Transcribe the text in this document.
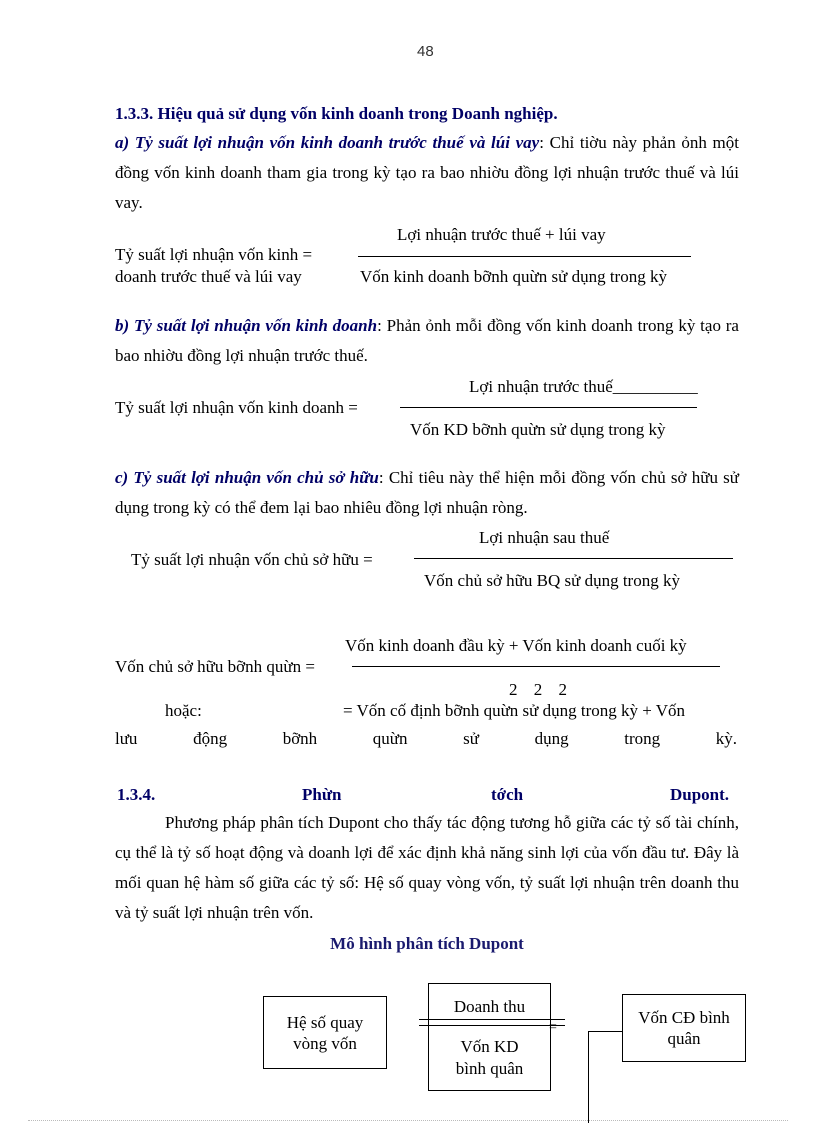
48
1.3.3. Hiệu quả sử dụng vốn kinh doanh trong Doanh nghiệp.
a) Tỷ suất lợi nhuận vốn kinh doanh trước thuế và lúi vay: Chỉ tiờu này phản ỏnh một đồng vốn kinh doanh tham gia trong kỳ tạo ra bao nhiờu đồng lợi nhuận trước thuế và lúi vay.
Lợi nhuận trước thuế + lúi vay
Tỷ suất lợi nhuận vốn kinh =
doanh trước thuế và lúi vay	Vốn kinh doanh bỡnh quừn sử dụng trong kỳ
b) Tỷ suất lợi nhuận vốn kinh doanh: Phản ỏnh mỗi đồng vốn kinh doanh trong kỳ tạo ra bao nhiờu đồng lợi nhuận trước thuế.
Lợi nhuận trước thuế__________
Tỷ suất lợi nhuận vốn kinh doanh =
Vốn KD bỡnh quừn sử dụng trong kỳ
c) Tỷ suất lợi nhuận vốn chủ sở hữu: Chỉ tiêu này thể hiện mỗi đồng vốn chủ sở hữu sử dụng trong kỳ có thể đem lại bao nhiêu đồng lợi nhuận ròng.
Lợi nhuận sau thuế
Tỷ suất lợi nhuận vốn chủ sở hữu =
Vốn chủ sở hữu BQ sử dụng trong kỳ
Vốn kinh doanh đầu kỳ + Vốn kinh doanh cuối kỳ
Vốn chủ sở hữu bỡnh quừn =
2 2 2
hoặc:	= Vốn cố định bỡnh quừn sử dụng trong kỳ + Vốn
lưu động bỡnh quừn sử dụng trong kỳ.
1.3.4.	Phừn	tớch	Dupont.
Phương pháp phân tích Dupont cho thấy tác động tương hỗ giữa các tỷ số tài chính, cụ thể là tỷ số hoạt động và doanh lợi để xác định khả năng sinh lợi của vốn đầu tư. Đây là mối quan hệ hàm số giữa các tỷ số: Hệ số quay vòng vốn, tỷ suất lợi nhuận trên doanh thu và tỷ suất lợi nhuận trên vốn.
Mô hình phân tích Dupont
Hệ số quay vòng vốn
Doanh thu
Vốn KD bình quân
=
Vốn CĐ bình quân
